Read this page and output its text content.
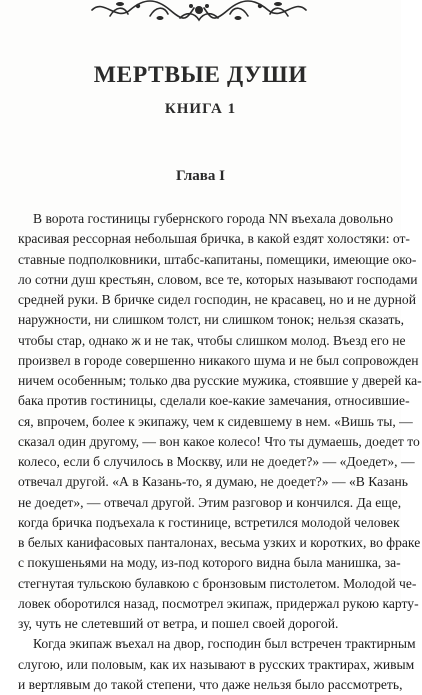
МЕРТВЫЕ ДУШИ
КНИГА 1
Глава I
В ворота гостиницы губернского города NN въехала довольно
красивая рессорная небольшая бричка, в какой ездят холостяки: от-
ставные подполковники, штабс-капитаны, помещики, имеющие око-
ло сотни душ крестьян, словом, все те, которых называют господами
средней руки. В бричке сидел господин, не красавец, но и не дурной
наружности, ни слишком толст, ни слишком тонок; нельзя сказать,
чтобы стар, однако ж и не так, чтобы слишком молод. Въезд его не
произвел в городе совершенно никакого шума и не был сопровожден
ничем особенным; только два русские мужика, стоявшие у дверей ка-
бака против гостиницы, сделали кое-какие замечания, относившие-
ся, впрочем, более к экипажу, чем к сидевшему в нем. «Вишь ты, —
сказал один другому, — вон какое колесо! Что ты думаешь, доедет то
колесо, если б случилось в Москву, или не доедет?» — «Доедет», —
отвечал другой. «А в Казань-то, я думаю, не доедет?» — «В Казань
не доедет», — отвечал другой. Этим разговор и кончился. Да еще,
когда бричка подъехала к гостинице, встретился молодой человек
в белых канифасовых панталонах, весьма узких и коротких, во фраке
с покушеньями на моду, из-под которого видна была манишка, за-
стегнутая тульскою булавкою с бронзовым пистолетом. Молодой че-
ловек оборотился назад, посмотрел экипаж, придержал рукою карту-
зу, чуть не слетевший от ветра, и пошел своей дорогой.
Когда экипаж въехал на двор, господин был встречен трактирным
слугою, или половым, как их называют в русских трактирах, живым
и вертлявым до такой степени, что даже нельзя было рассмотреть,
